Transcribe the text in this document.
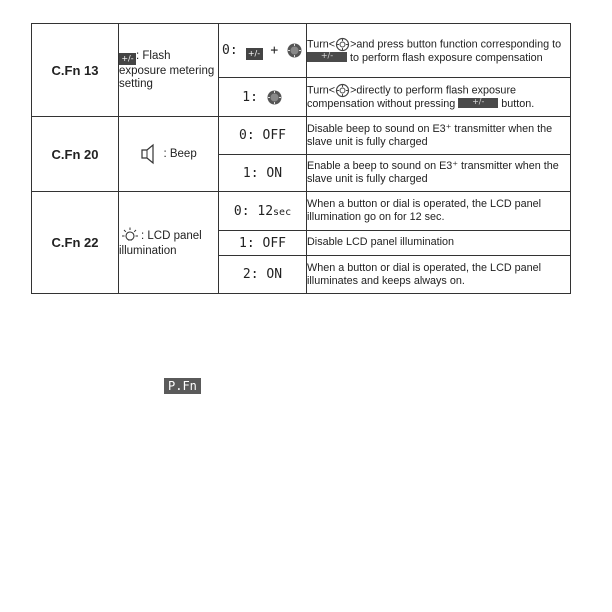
C.Fn 13	+/- : Flash exposure metering setting	0: +/- +	Turn< >and press button function corresponding to +/- to perform flash exposure compensation
		1:	Turn< >directly to perform flash exposure compensation without pressing +/- button.
C.Fn 20	: Beep	0: OFF	Disable beep to sound on E3⁺ transmitter when the slave unit is fully charged
		1: ON	Enable a beep to sound on E3⁺ transmitter when the slave unit is fully charged
C.Fn 22	: LCD panel illumination	0: 12sec	When a button or dial is operated, the LCD panel illumination go on for 12 sec.
		1: OFF	Disable LCD panel illumination
		2: ON	When a button or dial is operated, the LCD panel illuminates and keeps always on.
P.Fn
